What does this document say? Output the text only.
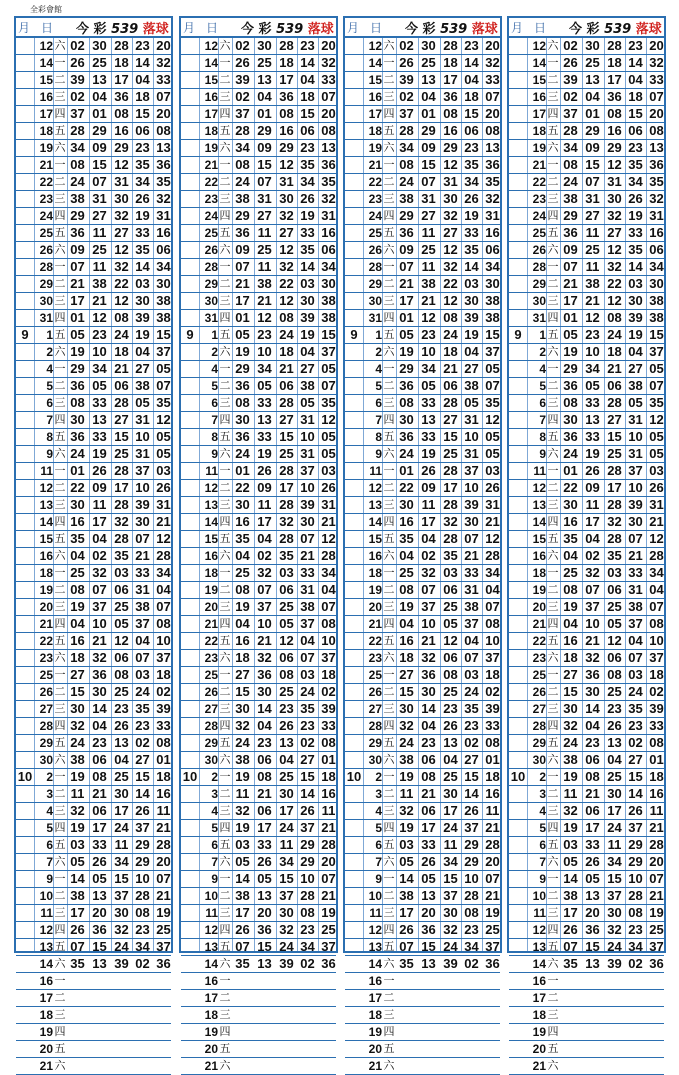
全彩會館
月 日 今 彩 539 落球
12 六 02 30 28 23 20
14 一 26 25 18 14 32
15 二 39 13 17 04 33
16 三 02 04 36 18 07
17 四 37 01 08 15 20
18 五 28 29 16 06 08
19 六 34 09 29 23 13
21 一 08 15 12 35 36
22 二 24 07 31 34 35
23 三 38 31 30 26 32
24 四 29 27 32 19 31
25 五 36 11 27 33 16
26 六 09 25 12 35 06
28 一 07 11 32 14 34
29 二 21 38 22 03 30
30 三 17 21 12 30 38
31 四 01 12 08 39 38
9	1 五 05 23 24 19 15
2 六 19 10 18 04 37
4 一 29 34 21 27 05
5 二 36 05 06 38 07
6 三 08 33 28 05 35
7 四 30 13 27 31 12
8 五 36 33 15 10 05
9 六 24 19 25 31 05
11 一 01 26 28 37 03
12 二 22 09 17 10 26
13 三 30 11 28 39 31
14 四 16 17 32 30 21
15 五 35 04 28 07 12
16 六 04 02 35 21 28
18 一 25 32 03 33 34
19 二 08 07 06 31 04
20 三 19 37 25 38 07
21 四 04 10 05 37 08
22 五 16 21 12 04 10
23 六 18 32 06 07 37
25 一 27 36 08 03 18
26 二 15 30 25 24 02
27 三 30 14 23 35 39
28 四 32 04 26 23 33
29 五 24 23 13 02 08
30 六 38 06 04 27 01
10	2 一 19 08 25 15 18
3 二 11 21 30 14 16
4 三 32 06 17 26 11
5 四 19 17 24 37 21
6 五 03 33 11 29 28
7 六 05 26 34 29 20
9 一 14 05 15 10 07
10 二 38 13 37 28 21
11 三 17 20 30 08 19
12 四 26 36 32 23 25
13 五 07 15 24 34 37
14 六 35 13 39 02 36
16 一
17 二
18 三
19 四
20 五
21 六
月 日 今 彩 539 落球
12 六 02 30 28 23 20
14 一 26 25 18 14 32
15 二 39 13 17 04 33
16 三 02 04 36 18 07
17 四 37 01 08 15 20
18 五 28 29 16 06 08
19 六 34 09 29 23 13
21 一 08 15 12 35 36
22 二 24 07 31 34 35
23 三 38 31 30 26 32
24 四 29 27 32 19 31
25 五 36 11 27 33 16
26 六 09 25 12 35 06
28 一 07 11 32 14 34
29 二 21 38 22 03 30
30 三 17 21 12 30 38
31 四 01 12 08 39 38
9	1 五 05 23 24 19 15
2 六 19 10 18 04 37
4 一 29 34 21 27 05
5 二 36 05 06 38 07
6 三 08 33 28 05 35
7 四 30 13 27 31 12
8 五 36 33 15 10 05
9 六 24 19 25 31 05
11 一 01 26 28 37 03
12 二 22 09 17 10 26
13 三 30 11 28 39 31
14 四 16 17 32 30 21
15 五 35 04 28 07 12
16 六 04 02 35 21 28
18 一 25 32 03 33 34
19 二 08 07 06 31 04
20 三 19 37 25 38 07
21 四 04 10 05 37 08
22 五 16 21 12 04 10
23 六 18 32 06 07 37
25 一 27 36 08 03 18
26 二 15 30 25 24 02
27 三 30 14 23 35 39
28 四 32 04 26 23 33
29 五 24 23 13 02 08
30 六 38 06 04 27 01
10	2 一 19 08 25 15 18
3 二 11 21 30 14 16
4 三 32 06 17 26 11
5 四 19 17 24 37 21
6 五 03 33 11 29 28
7 六 05 26 34 29 20
9 一 14 05 15 10 07
10 二 38 13 37 28 21
11 三 17 20 30 08 19
12 四 26 36 32 23 25
13 五 07 15 24 34 37
14 六 35 13 39 02 36
16 一
17 二
18 三
19 四
20 五
21 六
月 日 今 彩 539 落球
12 六 02 30 28 23 20
14 一 26 25 18 14 32
15 二 39 13 17 04 33
16 三 02 04 36 18 07
17 四 37 01 08 15 20
18 五 28 29 16 06 08
19 六 34 09 29 23 13
21 一 08 15 12 35 36
22 二 24 07 31 34 35
23 三 38 31 30 26 32
24 四 29 27 32 19 31
25 五 36 11 27 33 16
26 六 09 25 12 35 06
28 一 07 11 32 14 34
29 二 21 38 22 03 30
30 三 17 21 12 30 38
31 四 01 12 08 39 38
9	1 五 05 23 24 19 15
2 六 19 10 18 04 37
4 一 29 34 21 27 05
5 二 36 05 06 38 07
6 三 08 33 28 05 35
7 四 30 13 27 31 12
8 五 36 33 15 10 05
9 六 24 19 25 31 05
11 一 01 26 28 37 03
12 二 22 09 17 10 26
13 三 30 11 28 39 31
14 四 16 17 32 30 21
15 五 35 04 28 07 12
16 六 04 02 35 21 28
18 一 25 32 03 33 34
19 二 08 07 06 31 04
20 三 19 37 25 38 07
21 四 04 10 05 37 08
22 五 16 21 12 04 10
23 六 18 32 06 07 37
25 一 27 36 08 03 18
26 二 15 30 25 24 02
27 三 30 14 23 35 39
28 四 32 04 26 23 33
29 五 24 23 13 02 08
30 六 38 06 04 27 01
10	2 一 19 08 25 15 18
3 二 11 21 30 14 16
4 三 32 06 17 26 11
5 四 19 17 24 37 21
6 五 03 33 11 29 28
7 六 05 26 34 29 20
9 一 14 05 15 10 07
10 二 38 13 37 28 21
11 三 17 20 30 08 19
12 四 26 36 32 23 25
13 五 07 15 24 34 37
14 六 35 13 39 02 36
16 一
17 二
18 三
19 四
20 五
21 六
月 日 今 彩 539 落球
12 六 02 30 28 23 20
14 一 26 25 18 14 32
15 二 39 13 17 04 33
16 三 02 04 36 18 07
17 四 37 01 08 15 20
18 五 28 29 16 06 08
19 六 34 09 29 23 13
21 一 08 15 12 35 36
22 二 24 07 31 34 35
23 三 38 31 30 26 32
24 四 29 27 32 19 31
25 五 36 11 27 33 16
26 六 09 25 12 35 06
28 一 07 11 32 14 34
29 二 21 38 22 03 30
30 三 17 21 12 30 38
31 四 01 12 08 39 38
9	1 五 05 23 24 19 15
2 六 19 10 18 04 37
4 一 29 34 21 27 05
5 二 36 05 06 38 07
6 三 08 33 28 05 35
7 四 30 13 27 31 12
8 五 36 33 15 10 05
9 六 24 19 25 31 05
11 一 01 26 28 37 03
12 二 22 09 17 10 26
13 三 30 11 28 39 31
14 四 16 17 32 30 21
15 五 35 04 28 07 12
16 六 04 02 35 21 28
18 一 25 32 03 33 34
19 二 08 07 06 31 04
20 三 19 37 25 38 07
21 四 04 10 05 37 08
22 五 16 21 12 04 10
23 六 18 32 06 07 37
25 一 27 36 08 03 18
26 二 15 30 25 24 02
27 三 30 14 23 35 39
28 四 32 04 26 23 33
29 五 24 23 13 02 08
30 六 38 06 04 27 01
10	2 一 19 08 25 15 18
3 二 11 21 30 14 16
4 三 32 06 17 26 11
5 四 19 17 24 37 21
6 五 03 33 11 29 28
7 六 05 26 34 29 20
9 一 14 05 15 10 07
10 二 38 13 37 28 21
11 三 17 20 30 08 19
12 四 26 36 32 23 25
13 五 07 15 24 34 37
14 六 35 13 39 02 36
16 一
17 二
18 三
19 四
20 五
21 六
